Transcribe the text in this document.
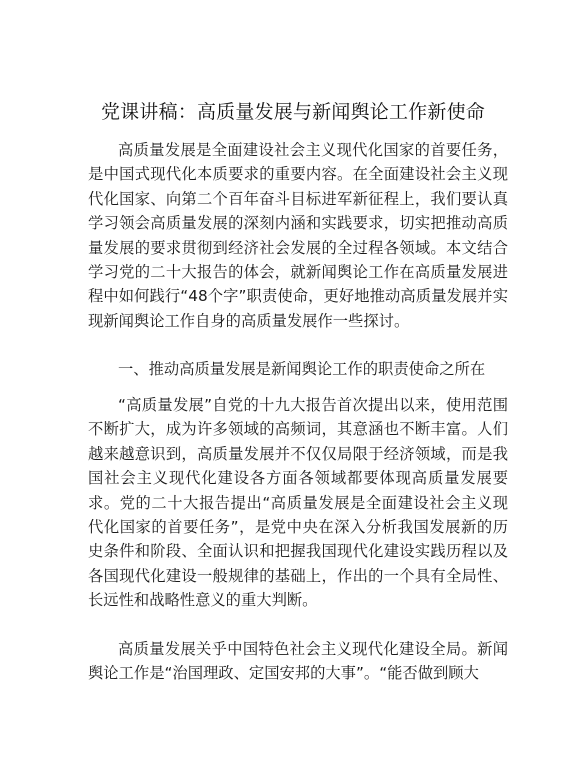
党课讲稿：高质量发展与新闻舆论工作新使命

高质量发展是全面建设社会主义现代化国家的首要任务，是中国式现代化本质要求的重要内容。在全面建设社会主义现代化国家、向第二个百年奋斗目标进军新征程上，我们要认真学习领会高质量发展的深刻内涵和实践要求，切实把推动高质量发展的要求贯彻到经济社会发展的全过程各领域。本文结合学习党的二十大报告的体会，就新闻舆论工作在高质量发展进程中如何践行“48个字”职责使命，更好地推动高质量发展并实现新闻舆论工作自身的高质量发展作一些探讨。

一、推动高质量发展是新闻舆论工作的职责使命之所在

“高质量发展”自党的十九大报告首次提出以来，使用范围不断扩大，成为许多领域的高频词，其意涵也不断丰富。人们越来越意识到，高质量发展并不仅仅局限于经济领域，而是我国社会主义现代化建设各方面各领域都要体现高质量发展要求。党的二十大报告提出“高质量发展是全面建设社会主义现代化国家的首要任务”，是党中央在深入分析我国发展新的历史条件和阶段、全面认识和把握我国现代化建设实践历程以及各国现代化建设一般规律的基础上，作出的一个具有全局性、长远性和战略性意义的重大判断。

高质量发展关乎中国特色社会主义现代化建设全局。新闻舆论工作是“治国理政、定国安邦的大事”。“能否做到顾大
